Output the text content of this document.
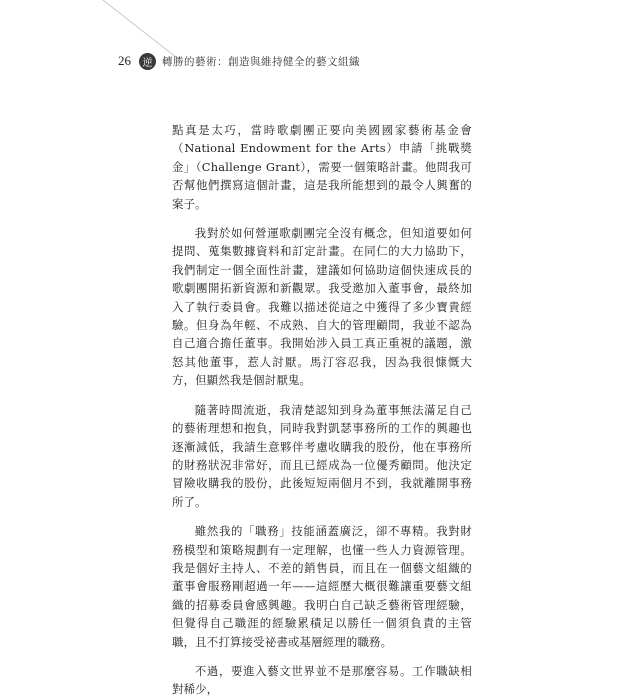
26	逆 轉勝的藝術：創造與維持健全的藝文組織

點真是太巧，當時歌劇團正要向美國國家藝術基金會（National Endowment for the Arts）申請「挑戰獎金」（Challenge Grant），需要一個策略計畫。他問我可否幫他們撰寫這個計畫，這是我所能想到的最令人興奮的案子。

我對於如何營運歌劇團完全沒有概念，但知道要如何提問、蒐集數據資料和訂定計畫。在同仁的大力協助下，我們制定一個全面性計畫，建議如何協助這個快速成長的歌劇團開拓新資源和新觀眾。我受邀加入董事會，最終加入了執行委員會。我難以描述從這之中獲得了多少寶貴經驗。但身為年輕、不成熟、自大的管理顧問，我並不認為自己適合擔任董事。我開始涉入員工真正重視的議題，激怒其他董事，惹人討厭。馬汀容忍我，因為我很慷慨大方，但顯然我是個討厭鬼。

隨著時間流逝，我清楚認知到身為董事無法滿足自己的藝術理想和抱負，同時我對凱瑟事務所的工作的興趣也逐漸減低，我請生意夥伴考慮收購我的股份，他在事務所的財務狀況非常好，而且已經成為一位優秀顧問。他決定冒險收購我的股份，此後短短兩個月不到，我就離開事務所了。

雖然我的「職務」技能涵蓋廣泛，卻不專精。我對財務模型和策略規劃有一定理解，也懂一些人力資源管理。我是個好主持人、不差的銷售員，而且在一個藝文組織的董事會服務剛超過一年——這經歷大概很難讓重要藝文組織的招募委員會感興趣。我明白自己缺乏藝術管理經驗，但覺得自己職涯的經驗累積足以勝任一個須負責的主管職，且不打算接受祕書或基層經理的職務。

不過，要進入藝文世界並不是那麼容易。工作職缺相對稀少，
